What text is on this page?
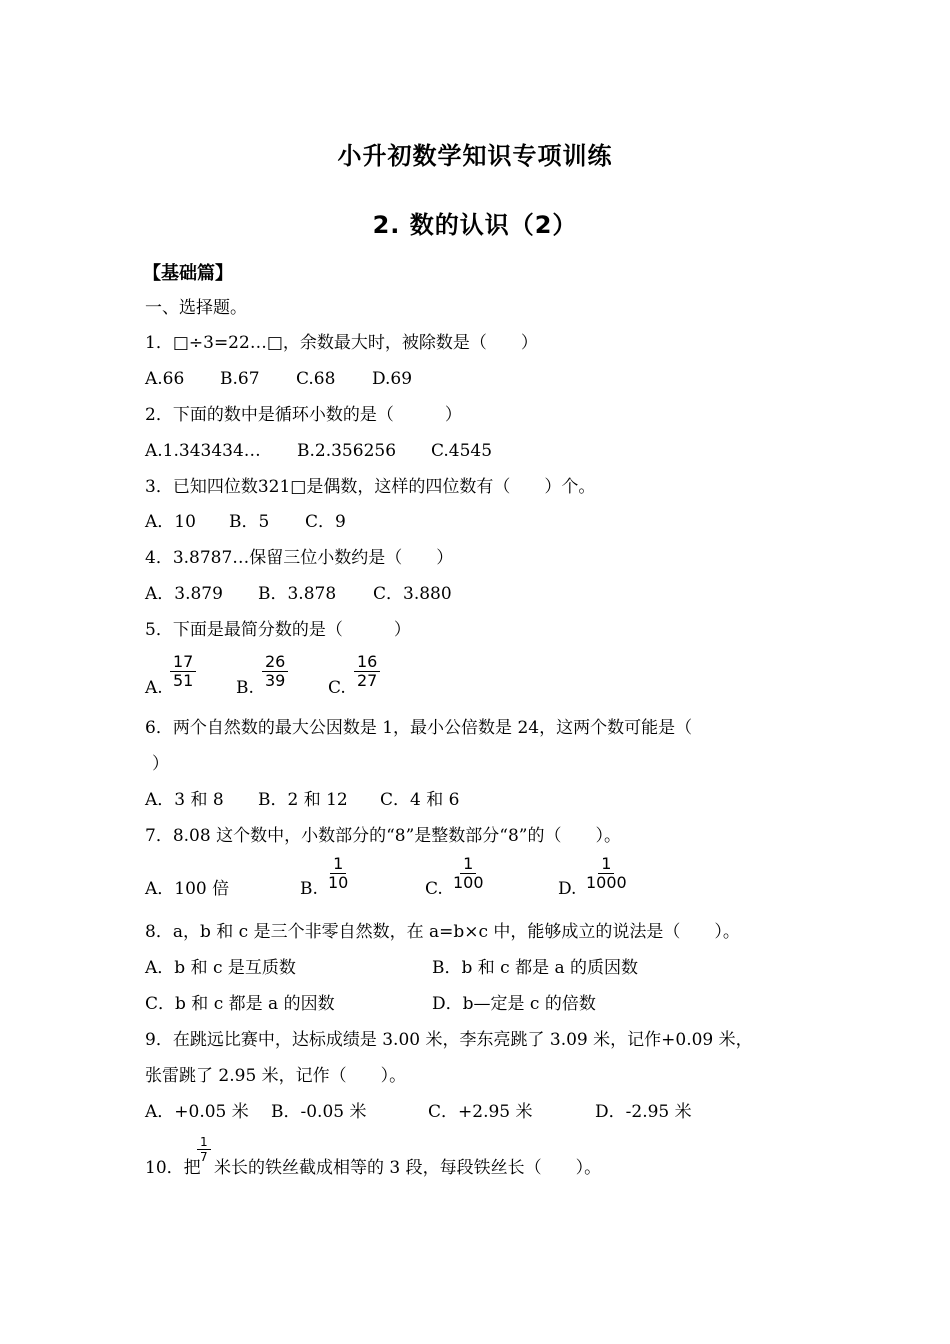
小升初数学知识专项训练
2. 数的认识（2）
【基础篇】
一、选择题。
1．□÷3=22…□，余数最大时，被除数是（　　）
A.66 B.67 C.68 D.69
2．下面的数中是循环小数的是（　　　）
A.1.343434… B.2.356256 C.4545
3．已知四位数321□是偶数，这样的四位数有（　　）个。
A．10 B．5 C．9
4．3.8787…保留三位小数约是（　　）
A．3.879 B．3.878 C．3.880
5．下面是最简分数的是（　　　）
A. $\frac{17}{51} B$. $\frac{26}{39} C$. $\frac{16}{27}$
6．两个自然数的最大公因数是 1，最小公倍数是 24，这两个数可能是（
）
A．3 和 8 B．2 和 12 C．4 和 6
7．8.08 这个数中，小数部分的“8”是整数部分“8”的（　　）。
A．100 倍	B. $\frac{1}{10}$	C. $\frac{1}{100}$	D. $\frac{1}{1000}$
8．a，b 和 c 是三个非零自然数，在 a=b×c 中，能够成立的说法是（　　）。
A．b 和 c 是互质数	B．b 和 c 都是 a 的质因数
C．b 和 c 都是 a 的因数	D．b—定是 c 的倍数
9．在跳远比赛中，达标成绩是 3.00 米，李东亮跳了 3.09 米，记作+0.09 米，
张雷跳了 2.95 米，记作（　　）。
A．+0.05 米 B．-0.05 米	C．+2.95 米	D．-2.95 米
10．把
$\frac{1}{7}$
米长的铁丝截成相等的 3 段，每段铁丝长（　　）。
